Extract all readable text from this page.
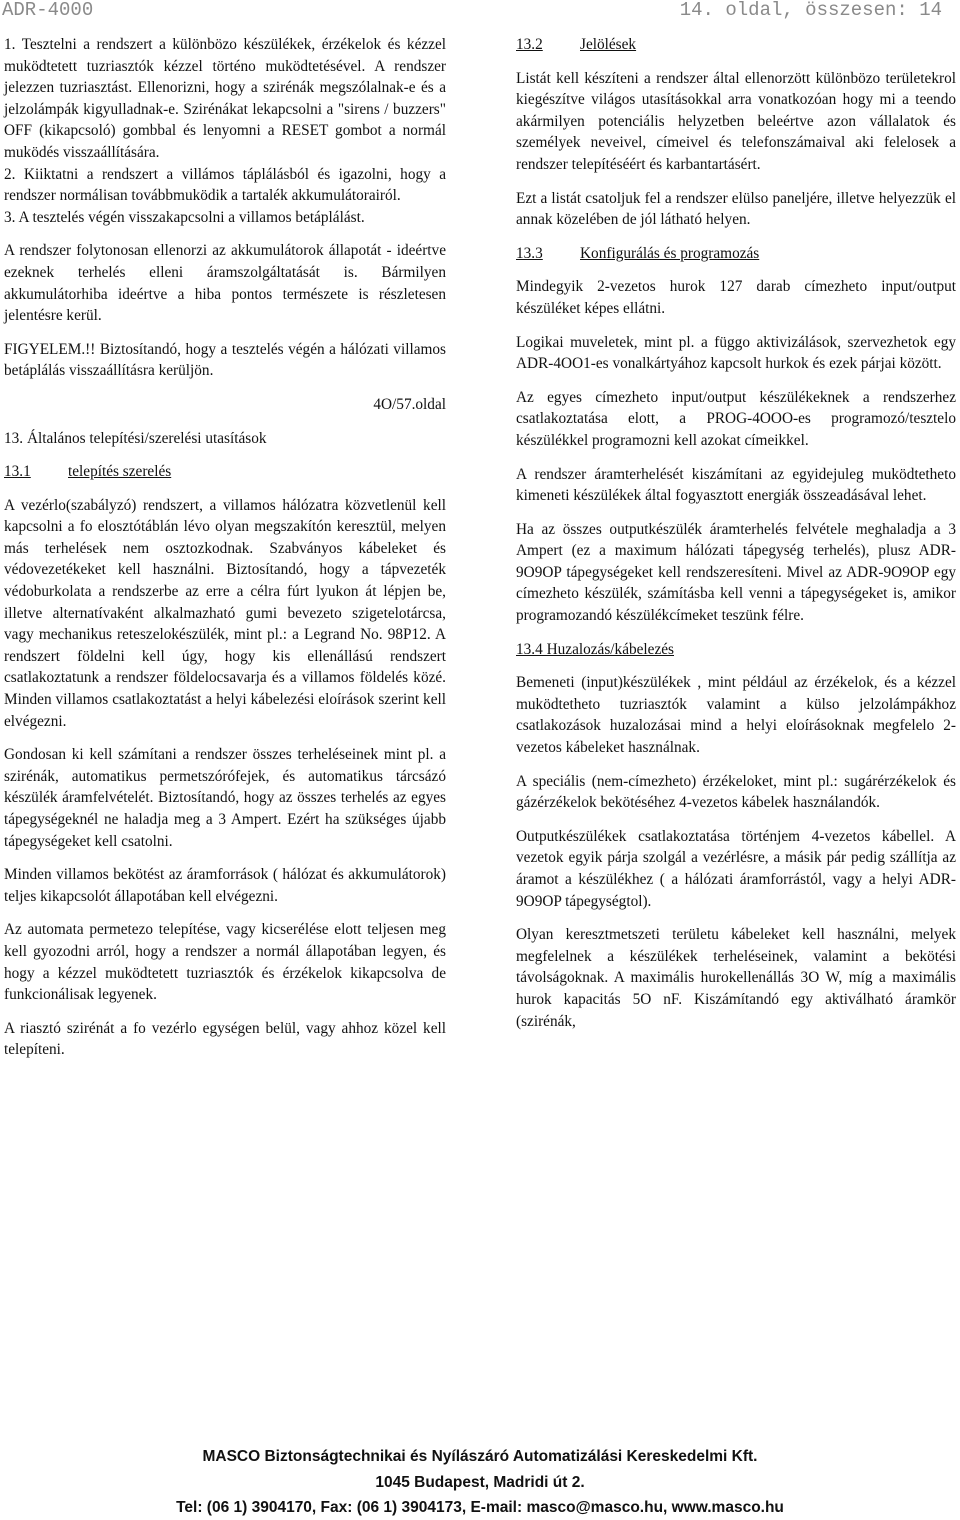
ADR-4000	14. oldal, összesen: 14
1. Tesztelni a rendszert a különbözo készülékek, érzékelok és kézzel muködtetett tuzriasztók kézzel történo muködtetésével. A rendszer jelezzen tuzriasztást. Ellenorizni, hogy a szirénák megszólalnak-e és a jelzolámpák kigyulladnak-e. Szirénákat lekapcsolni a "sirens / buzzers" OFF (kikapcsoló) gombbal és lenyomni a RESET gombot a normál muködés visszaállítására.
2. Kiiktatni a rendszert a villámos táplálásból és igazolni, hogy a rendszer normálisan továbbmuködik a tartalék akkumulátorairól.
3. A tesztelés végén visszakapcsolni a villamos betáplálást.

A rendszer folytonosan ellenorzi az akkumulátorok állapotát - ideértve ezeknek terhelés elleni áramszolgáltatását is. Bármilyen akkumulátorhiba ideértve a hiba pontos természete is részletesen jelentésre kerül.

FIGYELEM.!! Biztosítandó, hogy a tesztelés végén a hálózati villamos betáplálás visszaállításra kerüljön.

4O/57.oldal

13. Általános telepítési/szerelési utasítások

13.1 telepítés szerelés

A vezérlo(szabályzó) rendszert, a villamos hálózatra közvetlenül kell kapcsolni a fo elosztótáblán lévo olyan megszakítón keresztül, melyen más terhelések nem osztozkodnak. Szabványos kábeleket és védovezetékeket kell használni. Biztosítandó, hogy a tápvezeték védoburkolata a rendszerbe az erre a célra fúrt lyukon át lépjen be, illetve alternatívaként alkalmazható gumi bevezeto szigetelotárcsa, vagy mechanikus reteszelokészülék, mint pl.: a Legrand No. 98P12. A rendszert földelni kell úgy, hogy kis ellenállású rendszert csatlakoztatunk a rendszer földelocsavarja és a villamos földelés közé. Minden villamos csatlakoztatást a helyi kábelezési eloírások szerint kell elvégezni.

Gondosan ki kell számítani a rendszer összes terheléseinek mint pl. a szirénák, automatikus permetszórófejek, és automatikus tárcsázó készülék áramfelvételét. Biztosítandó, hogy az összes terhelés az egyes tápegységeknél ne haladja meg a 3 Ampert. Ezért ha szükséges újabb tápegységeket kell csatolni.

Minden villamos bekötést az áramforrások ( hálózat és akkumulátorok) teljes kikapcsolót állapotában kell elvégezni.

Az automata permetezo telepítése, vagy kicserélése elott teljesen meg kell gyozodni arról, hogy a rendszer a normál állapotában legyen, és hogy a kézzel muködtetett tuzriasztók és érzékelok kikapcsolva de funkcionálisak legyenek.

A riasztó szirénát a fo vezérlo egységen belül, vagy ahhoz közel kell telepíteni.

13.2 Jelölések

Listát kell készíteni a rendszer által ellenorzött különbözo területekrol kiegészítve világos utasításokkal arra vonatkozóan hogy mi a teendo akármilyen potenciális helyzetben beleértve azon vállalatok és személyek neveivel, címeivel és telefonszámaival aki felelosek a rendszer telepítéséért és karbantartásért.

Ezt a listát csatoljuk fel a rendszer elülso paneljére, illetve helyezzük el annak közelében de jól látható helyen.

13.3 Konfigurálás és programozás

Mindegyik 2-vezetos hurok 127 darab címezheto input/output készüléket képes ellátni.

Logikai muveletek, mint pl. a függo aktivizálások, szervezhetok egy ADR-4OO1-es vonalkártyához kapcsolt hurkok és ezek párjai között.

Az egyes címezheto input/output készülékeknek a rendszerhez csatlakoztatása elott, a PROG-4OOO-es programozó/tesztelo készülékkel programozni kell azokat címeikkel.

A rendszer áramterhelését kiszámítani az egyidejuleg muködtetheto kimeneti készülékek által fogyasztott energiák összeadásával lehet.

Ha az összes outputkészülék áramterhelés felvétele meghaladja a 3 Ampert (ez a maximum hálózati tápegység terhelés), plusz ADR-9O9OP tápegységeket kell rendszeresíteni. Mivel az ADR-9O9OP egy címezheto készülék, számításba kell venni a tápegységeket is, amikor programozandó készülékcímeket teszünk félre.

13.4 Huzalozás/kábelezés

Bemeneti (input)készülékek , mint például az érzékelok, és a kézzel muködtetheto tuzriasztók valamint a külso jelzolámpákhoz csatlakozások huzalozásai mind a helyi eloírásoknak megfelelo 2-vezetos kábeleket használnak.

A speciális (nem-címezheto) érzékeloket, mint pl.: sugárérzékelok és gázérzékelok bekötéséhez 4-vezetos kábelek használandók.

Outputkészülékek csatlakoztatása történjem 4-vezetos kábellel. A vezetok egyik párja szolgál a vezérlésre, a másik pár pedig szállítja az áramot a készülékhez ( a hálózati áramforrástól, vagy a helyi ADR-9O9OP tápegységtol).

Olyan keresztmetszeti területu kábeleket kell használni, melyek megfelelnek a készülékek terheléseinek, valamint a bekötési távolságoknak. A maximális hurokellenállás 3O W, míg a maximális hurok kapacitás 5O nF. Kiszámítandó egy aktiválható áramkör (szirénák,

MASCO Biztonságtechnikai és Nyílászáró Automatizálási Kereskedelmi Kft.
1045 Budapest, Madridi út 2.
Tel: (06 1) 3904170, Fax: (06 1) 3904173, E-mail: masco@masco.hu, www.masco.hu
